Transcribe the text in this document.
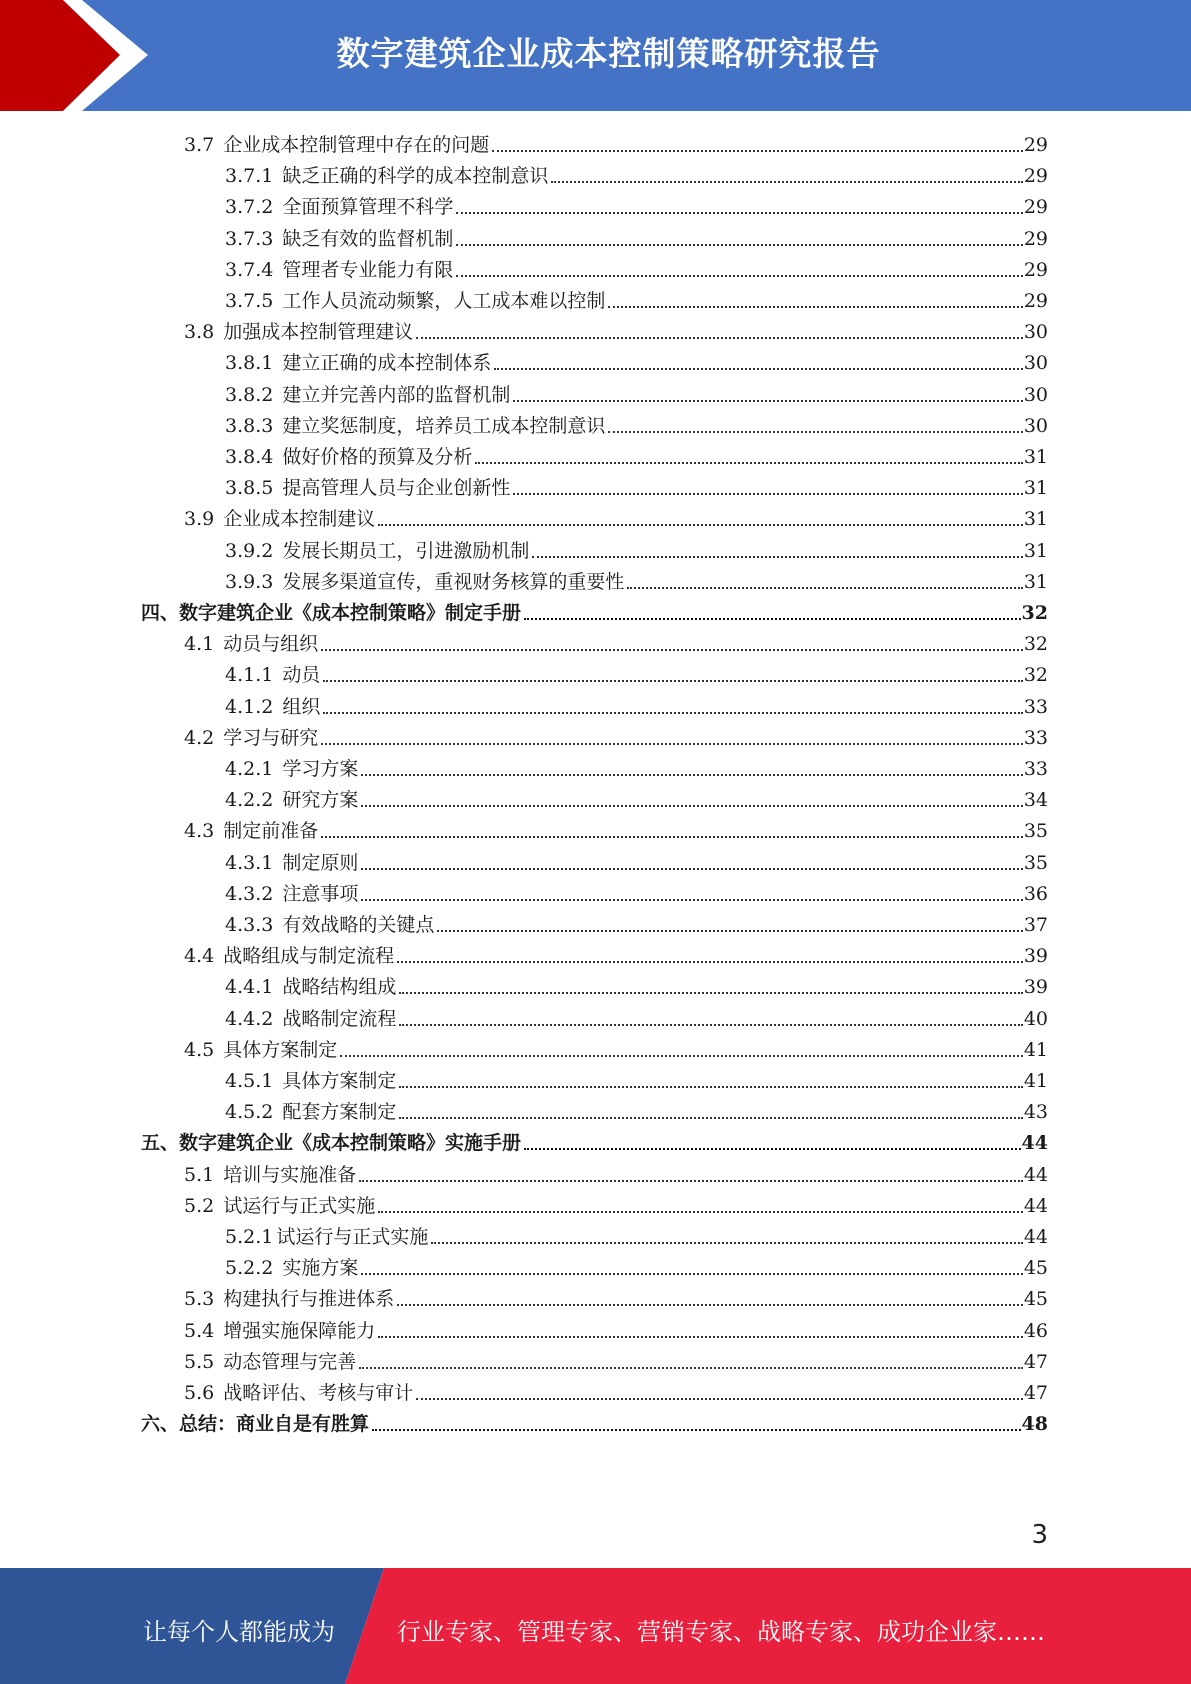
数字建筑企业成本控制策略研究报告
3.7 企业成本控制管理中存在的问题	29
3.7.1 缺乏正确的科学的成本控制意识	29
3.7.2 全面预算管理不科学	29
3.7.3 缺乏有效的监督机制	29
3.7.4 管理者专业能力有限	29
3.7.5 工作人员流动频繁，人工成本难以控制	29
3.8 加强成本控制管理建议	30
3.8.1 建立正确的成本控制体系	30
3.8.2 建立并完善内部的监督机制	30
3.8.3 建立奖惩制度，培养员工成本控制意识	30
3.8.4 做好价格的预算及分析	31
3.8.5 提高管理人员与企业创新性	31
3.9 企业成本控制建议	31
3.9.2 发展长期员工，引进激励机制	31
3.9.3 发展多渠道宣传，重视财务核算的重要性	31
四、 数字建筑企业《成本控制策略》制定手册	32
4.1 动员与组织	32
4.1.1 动员	32
4.1.2 组织	33
4.2 学习与研究	33
4.2.1 学习方案	33
4.2.2 研究方案	34
4.3 制定前准备	35
4.3.1 制定原则	35
4.3.2 注意事项	36
4.3.3 有效战略的关键点	37
4.4 战略组成与制定流程	39
4.4.1 战略结构组成	39
4.4.2 战略制定流程	40
4.5 具体方案制定	41
4.5.1 具体方案制定	41
4.5.2 配套方案制定	43
五、 数字建筑企业《成本控制策略》实施手册	44
5.1 培训与实施准备	44
5.2 试运行与正式实施	44
5.2.1 试运行与正式实施	44
5.2.2 实施方案	45
5.3 构建执行与推进体系	45
5.4 增强实施保障能力	46
5.5 动态管理与完善	47
5.6 战略评估、考核与审计	47
六、 总结：商业自是有胜算	48
3
让每个人都能成为	行业专家、管理专家、营销专家、战略专家、成功企业家……
